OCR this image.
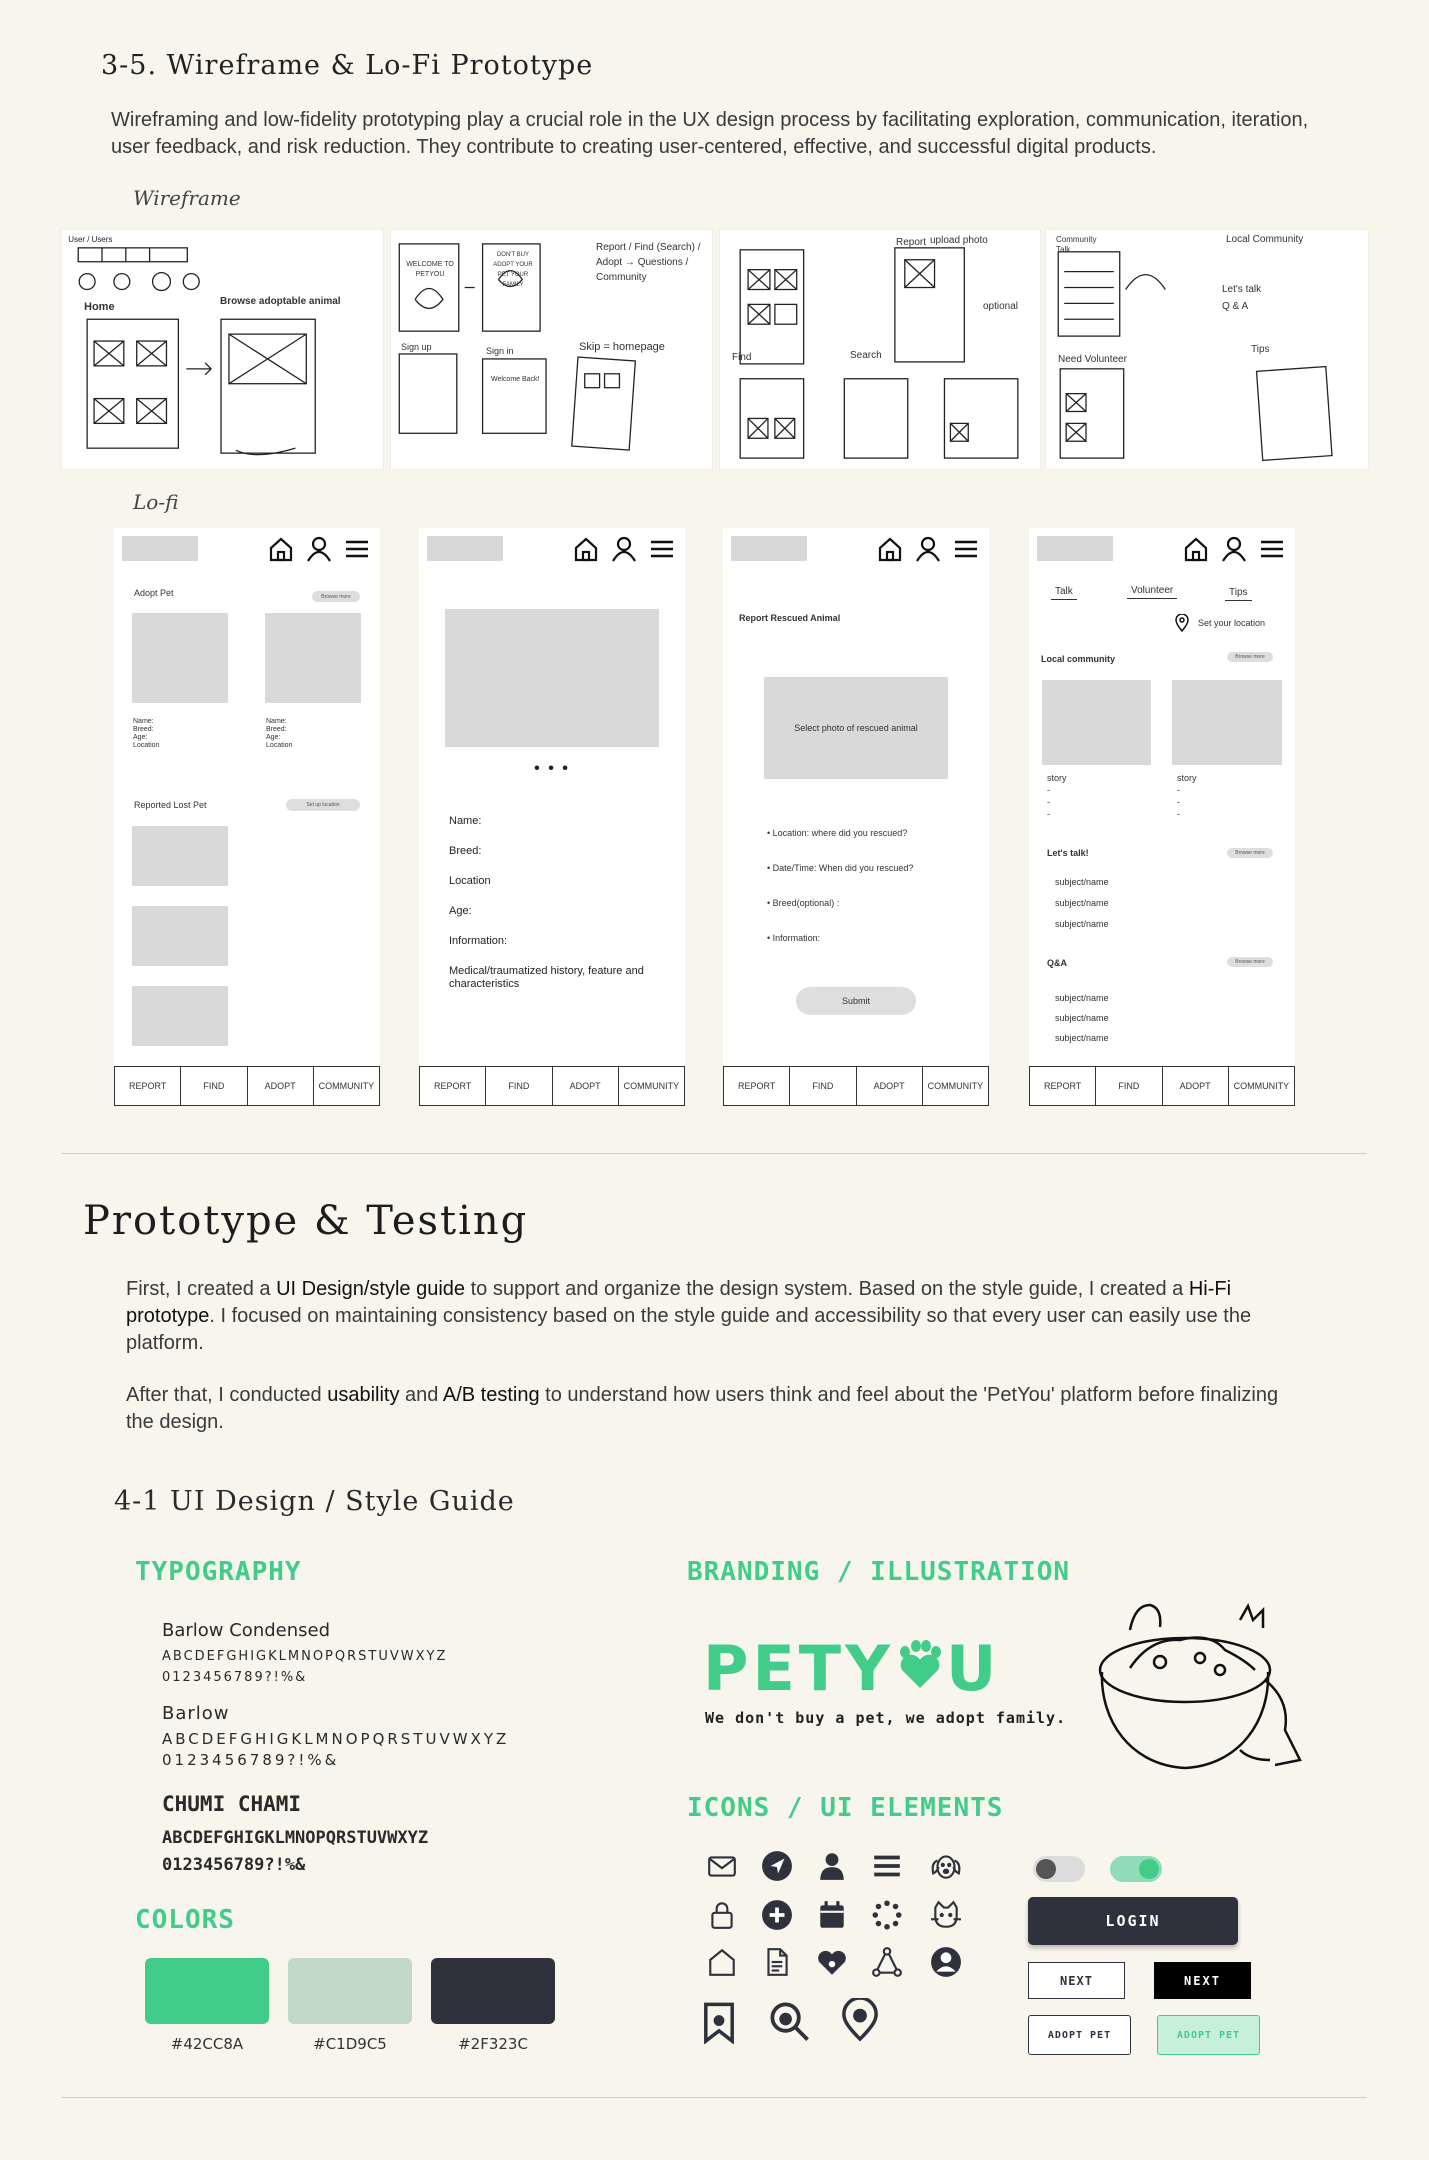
3-5. Wireframe & Lo-Fi Prototype
Wireframing and low-fidelity prototyping play a crucial role in the UX design process by facilitating exploration, communication, iteration, user feedback, and risk reduction. They contribute to creating user-centered, effective, and successful digital products.
Wireframe
User / Users
Home	Browse adoptable animal
WELCOME TO PETYOU
DON'T BUY ADOPT YOUR PET YOUR FAMILY
Sign up	Sign in	Skip = homepage
Welcome Back!
Report / Find (Search) / Adopt → Questions / Community
Report upload photo
Find	Search
optional
Community Talk
Local Community
Let's talk
Q & A
Need Volunteer
Tips
Lo-fi
Adopt Pet	Browse more
Name:
Breed:
Age:
Location
Name:
Breed:
Age:
Location
Reported Lost Pet	Set up location
REPORT	FIND	ADOPT	COMMUNITY
• • •
Name:
Breed:
Location
Age:
Information:
Medical/traumatized history, feature and characteristics
REPORT	FIND	ADOPT	COMMUNITY
Report Rescued Animal
Select photo of rescued animal
• Location: where did you rescued?
• Date/Time: When did you rescued?
• Breed(optional) :
• Information:
Submit
REPORT	FIND	ADOPT	COMMUNITY
Talk	Volunteer	Tips
Set your location
Local community	Browse more
story
-
-
-
story
-
-
-
Let's talk!	Browse more
subject/name
subject/name
subject/name
Q&A	Browse more
subject/name
subject/name
subject/name
REPORT	FIND	ADOPT	COMMUNITY
Prototype & Testing
First, I created a UI Design/style guide to support and organize the design system. Based on the style guide, I created a Hi-Fi prototype. I focused on maintaining consistency based on the style guide and accessibility so that every user can easily use the platform.
After that, I conducted usability and A/B testing to understand how users think and feel about the 'PetYou' platform before finalizing the design.
4-1 UI Design / Style Guide
TYPOGRAPHY
Barlow Condensed
ABCDEFGHIGKLMNOPQRSTUVWXYZ
0123456789?!%&
Barlow
ABCDEFGHIGKLMNOPQRSTUVWXYZ
0123456789?!%&
CHUMI CHAMI
ABCDEFGHIGKLMNOPQRSTUVWXYZ
0123456789?!%&
COLORS
#42CC8A	#C1D9C5	#2F323C
BRANDING / ILLUSTRATION
PETY U
We don't buy a pet, we adopt family.
ICONS / UI ELEMENTS
LOGIN
NEXT	NEXT
ADOPT PET	ADOPT PET
